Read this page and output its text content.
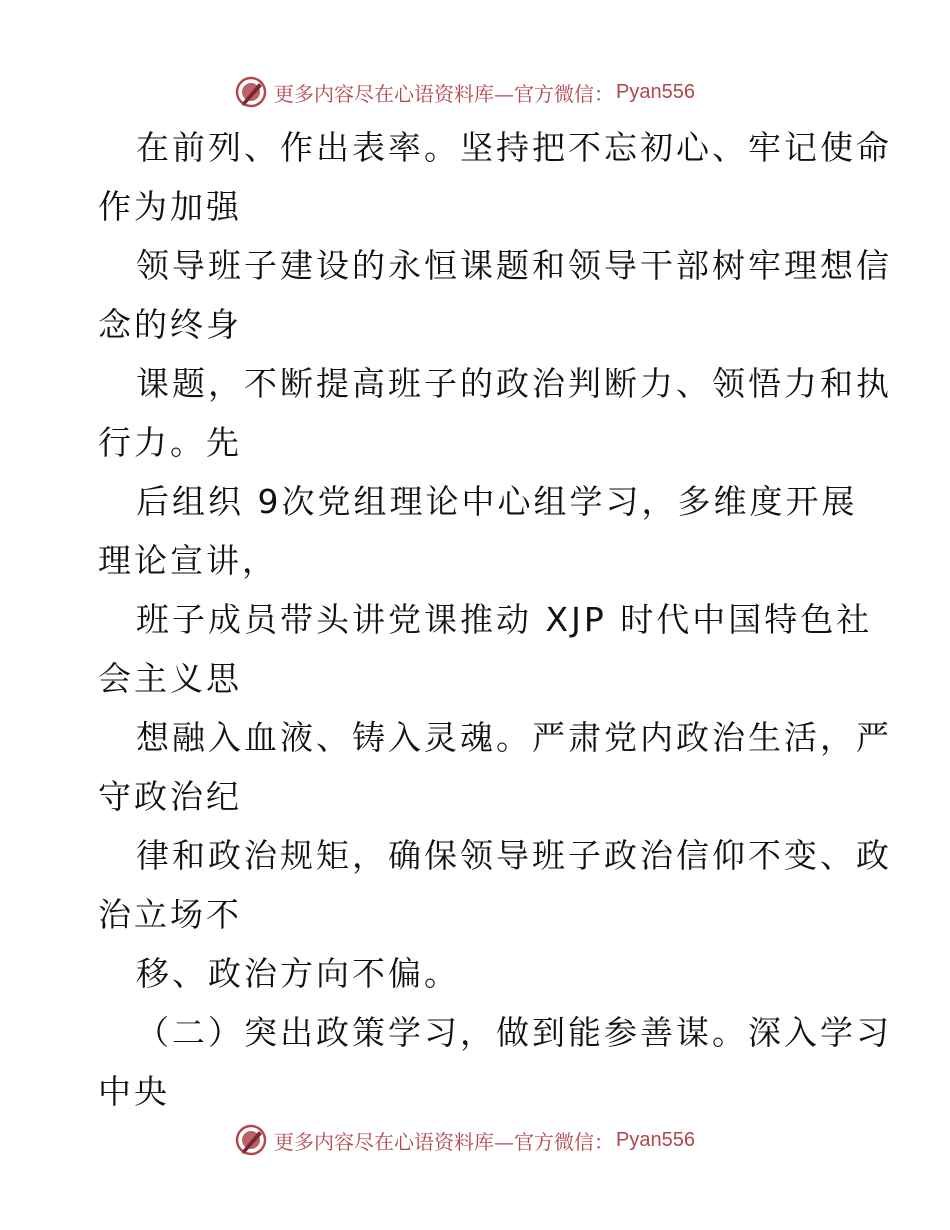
更多内容尽在心语资料库—官方微信： Pyan556
在前列、作出表率。坚持把不忘初心、牢记使命
作为加强
领导班子建设的永恒课题和领导干部树牢理想信
念的终身
课题，不断提高班子的政治判断力、领悟力和执
行力。先
后组织 9次党组理论中心组学习，多维度开展
理论宣讲，
班子成员带头讲党课推动 XJP 时代中国特色社
会主义思
想融入血液、铸入灵魂。严肃党内政治生活，严
守政治纪
律和政治规矩，确保领导班子政治信仰不变、政
治立场不
移、政治方向不偏。
（二）突出政策学习，做到能参善谋。深入学习
中央
更多内容尽在心语资料库—官方微信： Pyan556
